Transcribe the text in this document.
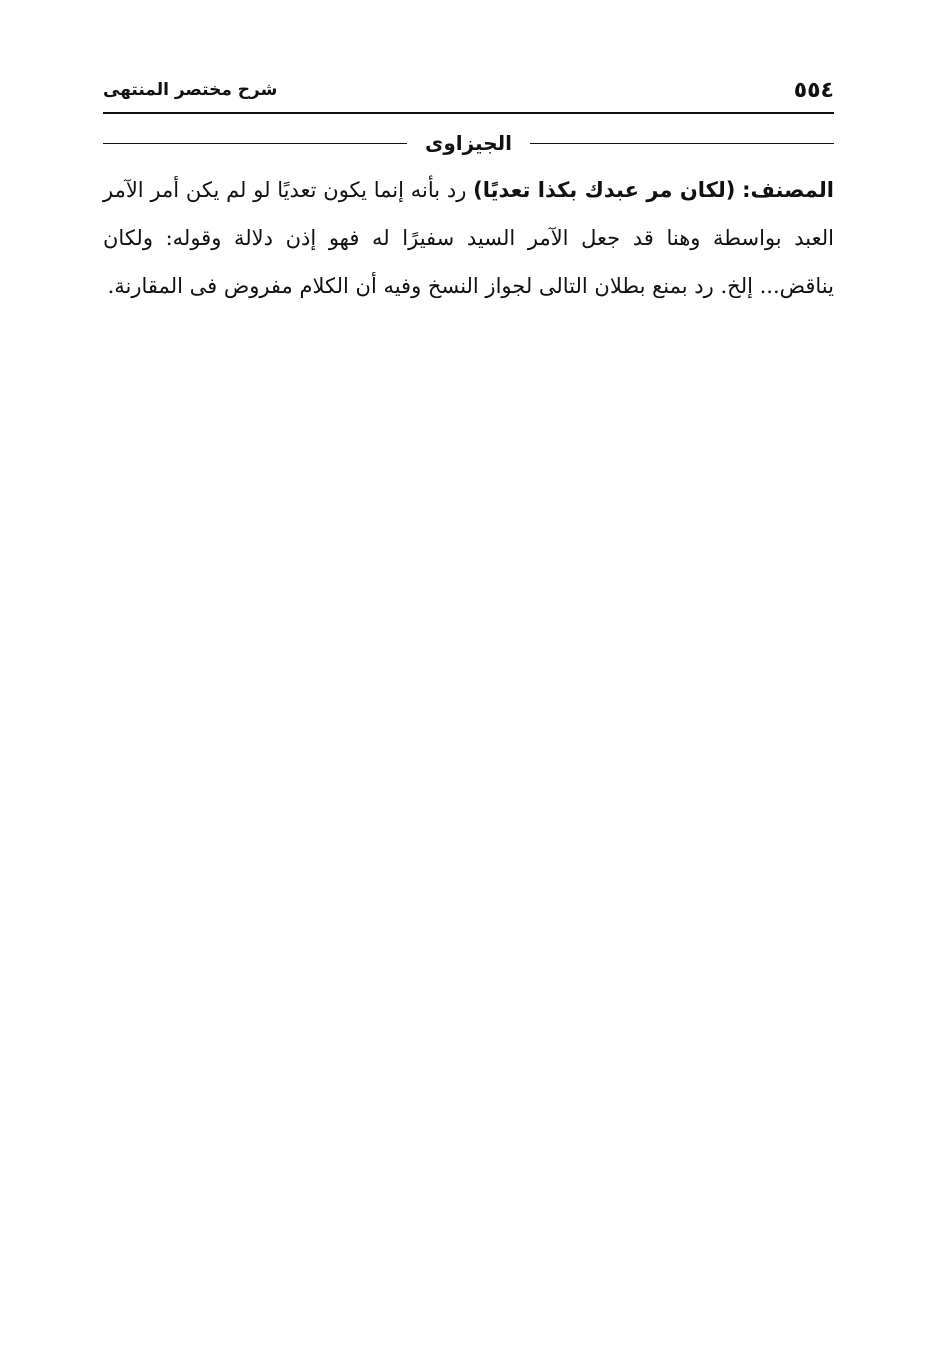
٥٥٤
شرح مختصر المنتهى
الجيزاوى

المصنف: (لكان مر عبدك بكذا تعديًا) رد بأنه إنما يكون تعديًا لو لم يكن أمر الآمر العبد بواسطة وهنا قد جعل الآمر السيد سفيرًا له فهو إذن دلالة وقوله: ولكان يناقض... إلخ. رد بمنع بطلان التالى لجواز النسخ وفيه أن الكلام مفروض فى المقارنة.
